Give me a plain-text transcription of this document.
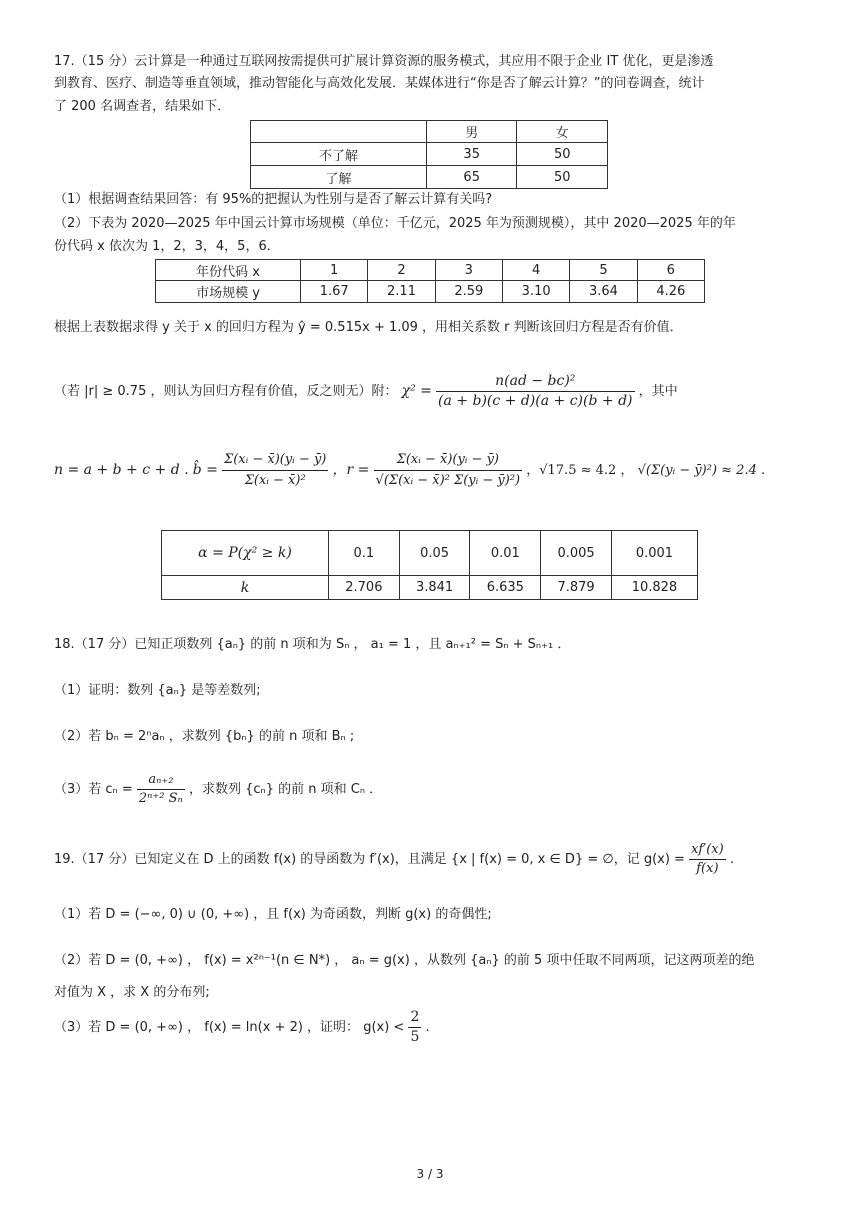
17.（15 分）云计算是一种通过互联网按需提供可扩展计算资源的服务模式，其应用不限于企业 IT 优化，更是渗透
到教育、医疗、制造等垂直领域，推动智能化与高效化发展．某媒体进行“你是否了解云计算？”的问卷调查，统计
了 200 名调查者，结果如下．
	男	女
不了解	35	50
了解	65	50
（1）根据调查结果回答：有 95%的把握认为性别与是否了解云计算有关吗?
（2）下表为 2020—2025 年中国云计算市场规模（单位：千亿元，2025 年为预测规模），其中 2020—2025 年的年
份代码 x 依次为 1，2，3，4，5，6．
年份代码 x	1	2	3	4	5	6
市场规模 y	1.67	2.11	2.59	3.10	3.64	4.26
根据上表数据求得 y 关于 x 的回归方程为 ŷ = 0.515x + 1.09 ，用相关系数 r 判断该回归方程是否有价值．
（若 |r| ≥ 0.75 ，则认为回归方程有价值，反之则无）附： $\chi^2 = \frac{\text{n(ad − bc)²}}{(a + b)(c + d)(a + c)(b + d)}$ ，其中
n = a + b + c + d . b̂ = $\frac{\text{Σ(xᵢ − x̄)(yᵢ − ȳ)}}{\text{Σ(xᵢ − x̄)²}}$ ，$r = \frac{\text{Σ(xᵢ − x̄)(yᵢ − ȳ)}}{\text{√(Σ(xᵢ − x̄)² Σ(yᵢ − ȳ)²)}}$ ，√17.5 ≈ 4.2 ， √(Σ(yᵢ − ȳ)²) ≈ 2.4 .
α = P(χ² ≥ k)	0.1	0.05	0.01	0.005	0.001
k	2.706	3.841	6.635	7.879	10.828
18.（17 分）已知正项数列 {aₙ} 的前 n 项和为 Sₙ ， a₁ = 1 ，且 aₙ₊₁² = Sₙ + Sₙ₊₁ ．
（1）证明：数列 {aₙ} 是等差数列;
（2）若 bₙ = 2ⁿaₙ ，求数列 {bₙ} 的前 n 项和 Bₙ ;
（3）若 $c_n = \frac{\text{aₙ₊₂}}{\text{2ⁿ⁺² Sₙ}}$ ，求数列 {cₙ} 的前 n 项和 Cₙ ．
19.（17 分）已知定义在 D 上的函数 f(x) 的导函数为 f′(x)，且满足 {x | f(x) = 0, x ∈ D} = ∅，记 $g(x) = \frac{xf'(x)}{f(x)}$ .
（1）若 D = (−∞, 0) ∪ (0, +∞) ，且 f(x) 为奇函数，判断 g(x) 的奇偶性;
（2）若 D = (0, +∞) ， f(x) = x²ⁿ⁻¹(n ∈ N*) ， aₙ = g(x) ，从数列 {aₙ} 的前 5 项中任取不同两项，记这两项差的绝
对值为 X ，求 X 的分布列;
（3）若 D = (0, +∞) ， f(x) = ln(x + 2) ，证明： $g(x) < \frac{2}{5}$ .
3 / 3
